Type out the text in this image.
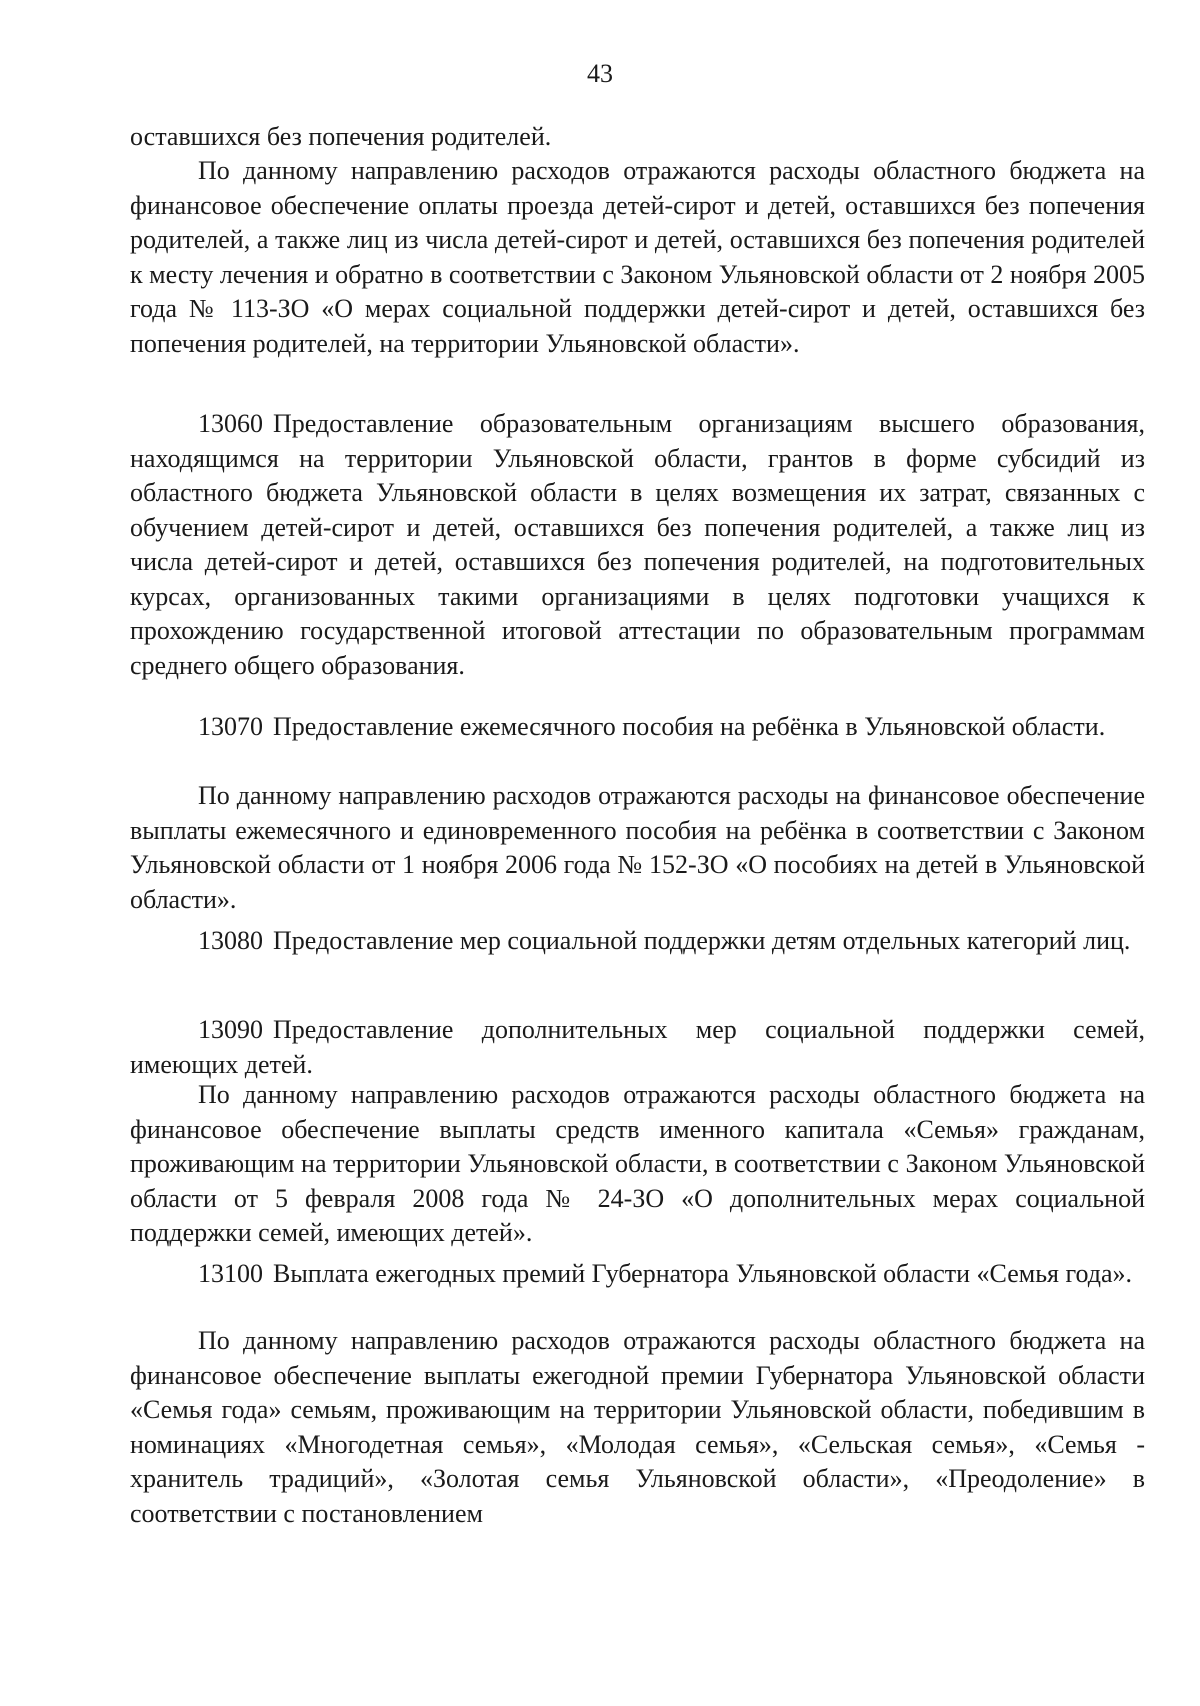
43

оставшихся без попечения родителей.

По данному направлению расходов отражаются расходы областного бюджета на финансовое обеспечение оплаты проезда детей-сирот и детей, оставшихся без попечения родителей, а также лиц из числа детей-сирот и детей, оставшихся без попечения родителей к месту лечения и обратно в соответствии с Законом Ульяновской области от 2 ноября 2005 года № 113-ЗО «О мерах социальной поддержки детей-сирот и детей, оставшихся без попечения родителей, на территории Ульяновской области».

13060 Предоставление образовательным организациям высшего образования, находящимся на территории Ульяновской области, грантов в форме субсидий из областного бюджета Ульяновской области в целях возмещения их затрат, связанных с обучением детей-сирот и детей, оставшихся без попечения родителей, а также лиц из числа детей-сирот и детей, оставшихся без попечения родителей, на подготовительных курсах, организованных такими организациями в целях подготовки учащихся к прохождению государственной итоговой аттестации по образовательным программам среднего общего образования.

13070 Предоставление ежемесячного пособия на ребёнка в Ульяновской области.

По данному направлению расходов отражаются расходы на финансовое обеспечение выплаты ежемесячного и единовременного пособия на ребёнка в соответствии с Законом Ульяновской области от 1 ноября 2006 года № 152-ЗО «О пособиях на детей в Ульяновской области».

13080 Предоставление мер социальной поддержки детям отдельных категорий лиц.

13090 Предоставление дополнительных мер социальной поддержки семей, имеющих детей.

По данному направлению расходов отражаются расходы областного бюджета на финансовое обеспечение выплаты средств именного капитала «Семья» гражданам, проживающим на территории Ульяновской области, в соответствии с Законом Ульяновской области от 5 февраля 2008 года № 24-ЗО «О дополнительных мерах социальной поддержки семей, имеющих детей».

13100 Выплата ежегодных премий Губернатора Ульяновской области «Семья года».

По данному направлению расходов отражаются расходы областного бюджета на финансовое обеспечение выплаты ежегодной премии Губернатора Ульяновской области «Семья года» семьям, проживающим на территории Ульяновской области, победившим в номинациях «Многодетная семья», «Молодая семья», «Сельская семья», «Семья - хранитель традиций», «Золотая семья Ульяновской области», «Преодоление» в соответствии с постановлением
